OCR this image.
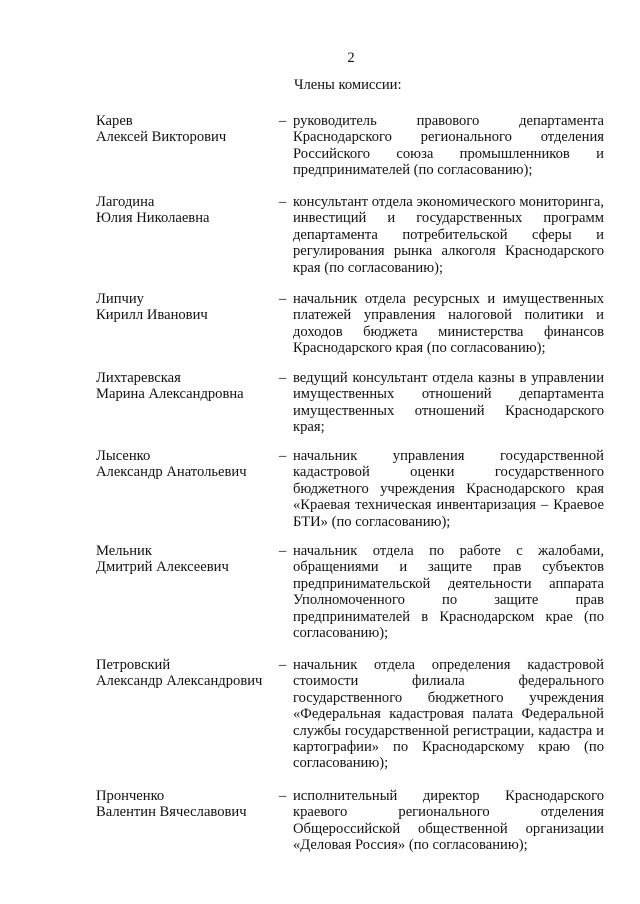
2
Члены комиссии:
Карев
Алексей Викторович
– руководитель правового департамента Краснодарского регионального отделения Российского союза промышленников и предпринимателей (по согласованию);
Лагодина
Юлия Николаевна
– консультант отдела экономического мониторинга, инвестиций и государственных программ департамента потребительской сферы и регулирования рынка алкоголя Краснодарского края (по согласованию);
Липчиу
Кирилл Иванович
– начальник отдела ресурсных и имущественных платежей управления налоговой политики и доходов бюджета министерства финансов Краснодарского края (по согласованию);
Лихтаревская
Марина Александровна
– ведущий консультант отдела казны в управлении имущественных отношений департамента имущественных отношений Краснодарского края;
Лысенко
Александр Анатольевич
– начальник управления государственной кадастровой оценки государственного бюджетного учреждения Краснодарского края «Краевая техническая инвентаризация – Краевое БТИ» (по согласованию);
Мельник
Дмитрий Алексеевич
– начальник отдела по работе с жалобами, обращениями и защите прав субъектов предпринимательской деятельности аппарата Уполномоченного по защите прав предпринимателей в Краснодарском крае (по согласованию);
Петровский
Александр Александрович
– начальник отдела определения кадастровой стоимости филиала федерального государственного бюджетного учреждения «Федеральная кадастровая палата Федеральной службы государственной регистрации, кадастра и картографии» по Краснодарскому краю (по согласованию);
Пронченко
Валентин Вячеславович
– исполнительный директор Краснодарского краевого регионального отделения Общероссийской общественной организации «Деловая Россия» (по согласованию);
